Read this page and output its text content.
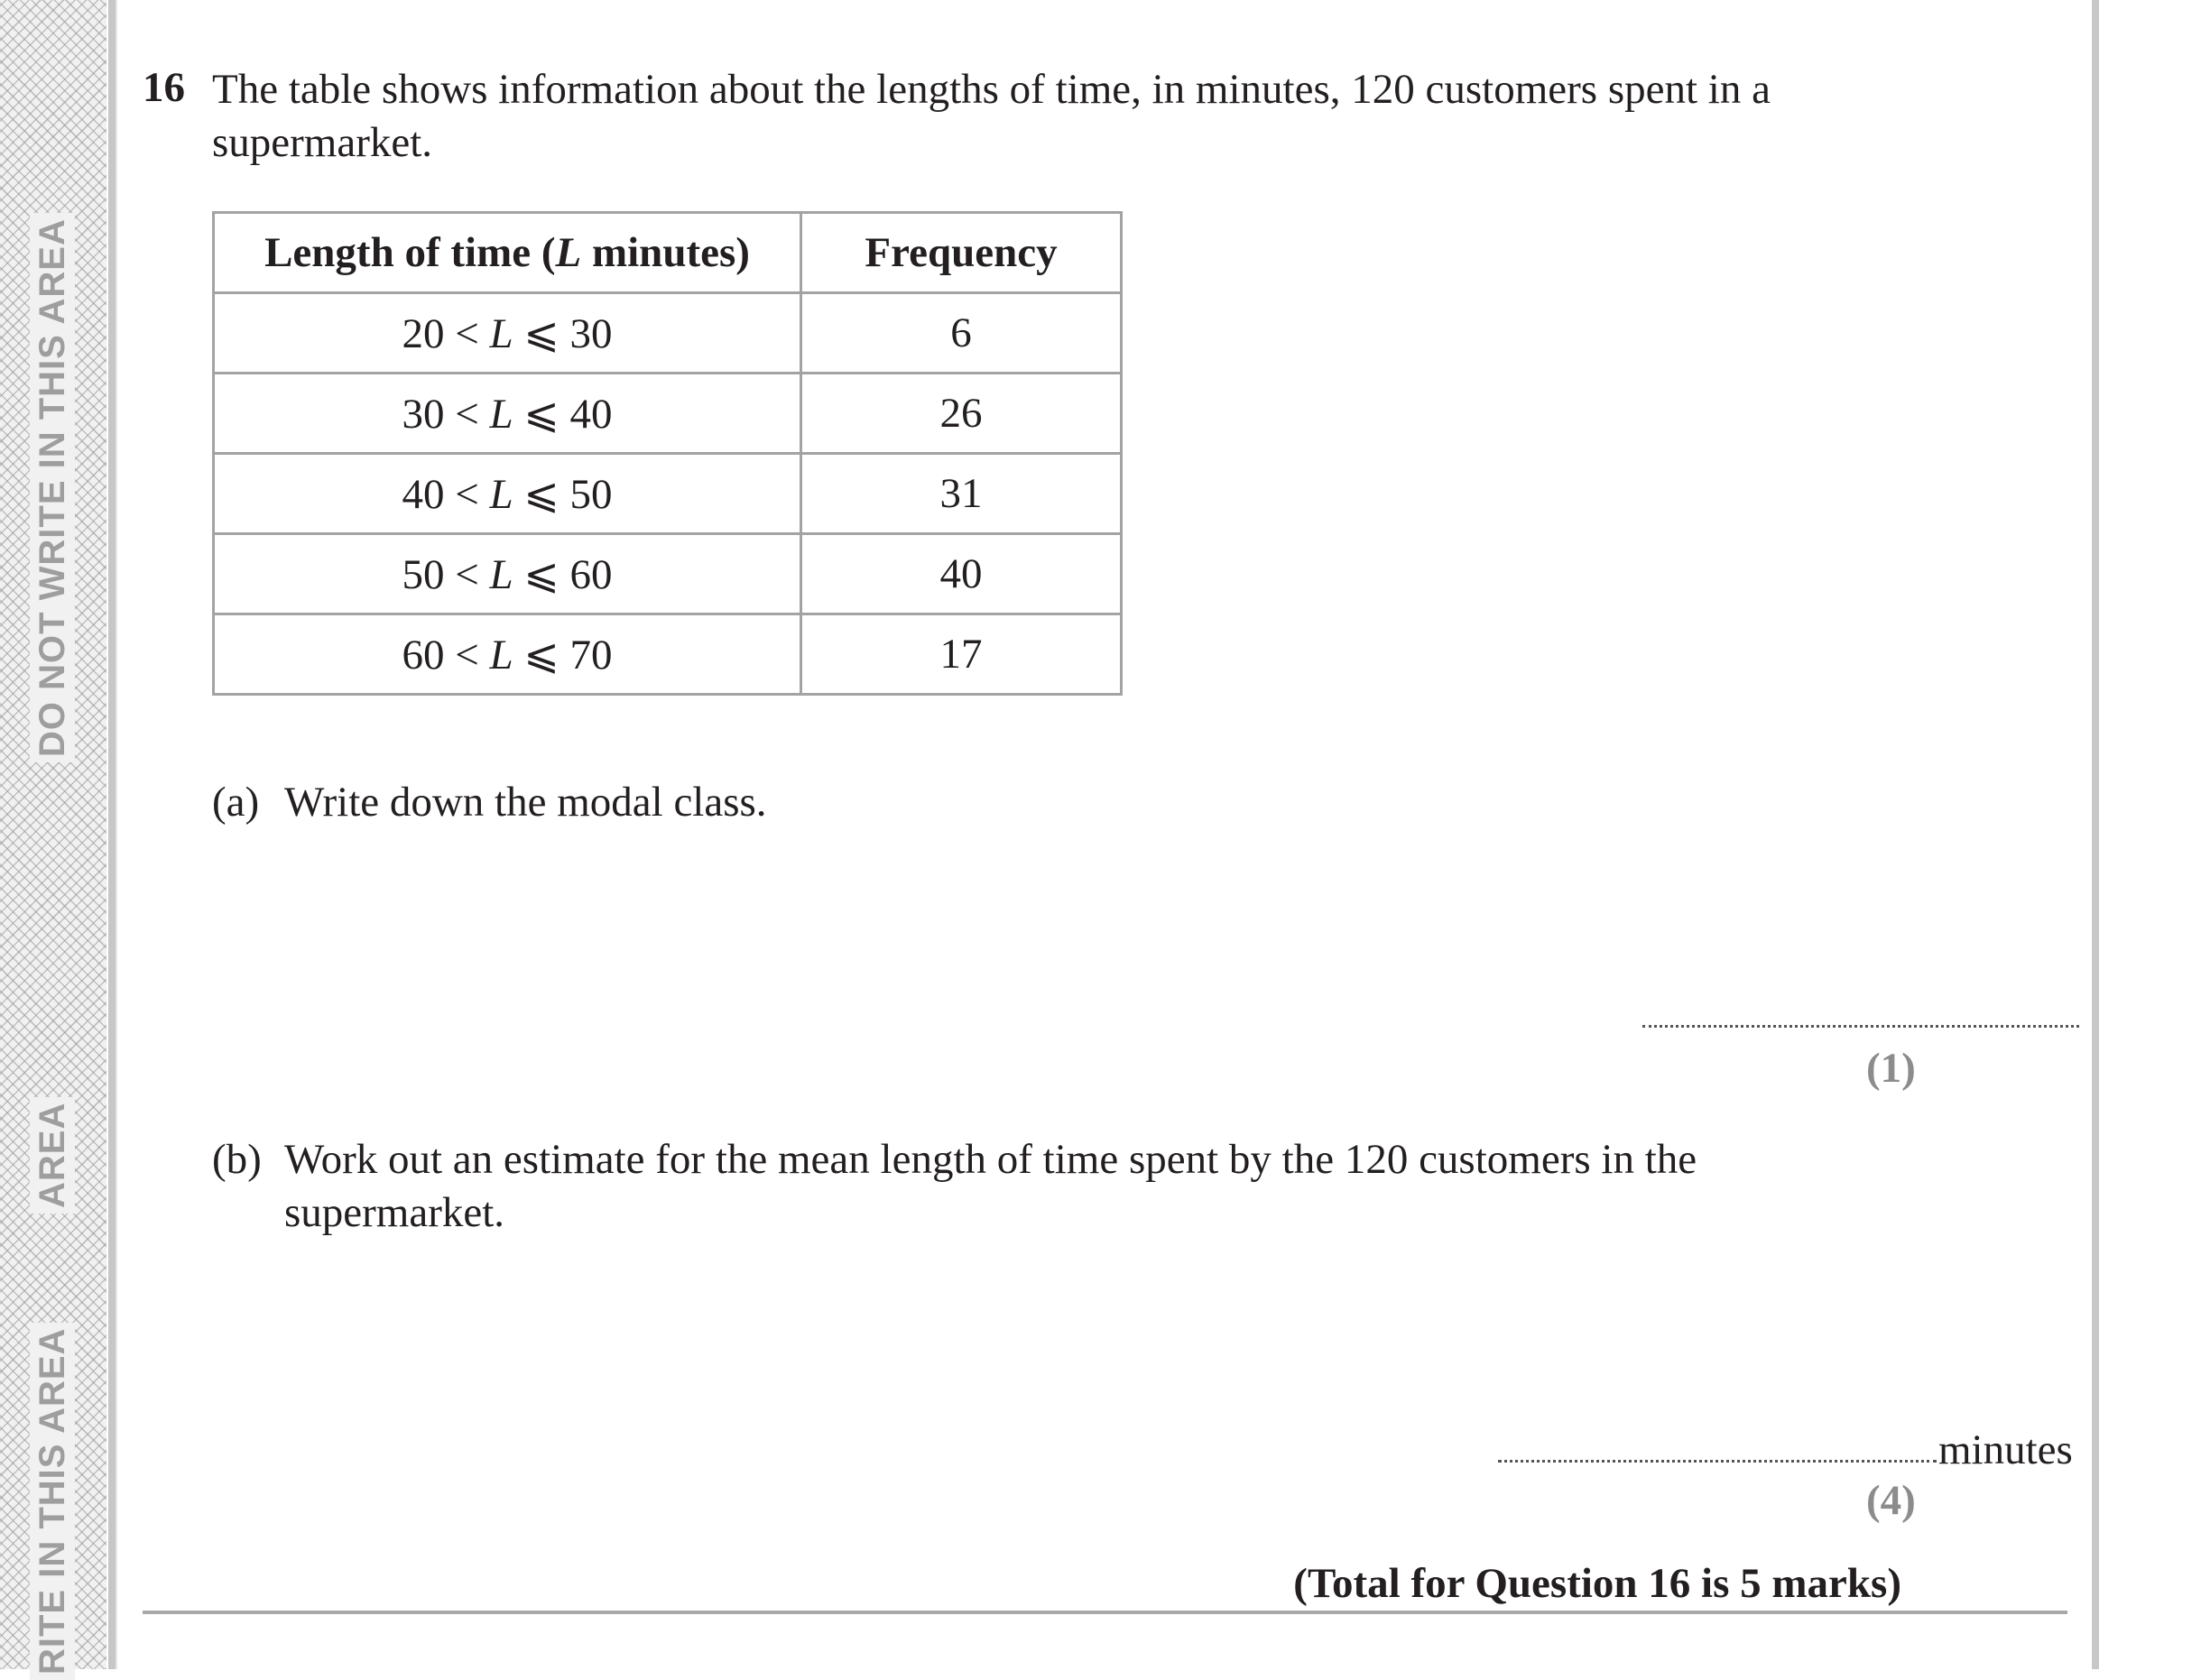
DO NOT WRITE IN THIS AREA
AREA
RITE IN THIS AREA
16 The table shows information about the lengths of time, in minutes, 120 customers spent in a supermarket.
Length of time (L minutes)	Frequency
20 < L ⩽ 30	6
30 < L ⩽ 40	26
40 < L ⩽ 50	31
50 < L ⩽ 60	40
60 < L ⩽ 70	17
(a) Write down the modal class.
(1)
(b) Work out an estimate for the mean length of time spent by the 120 customers in the supermarket.
minutes
(4)
(Total for Question 16 is 5 marks)
